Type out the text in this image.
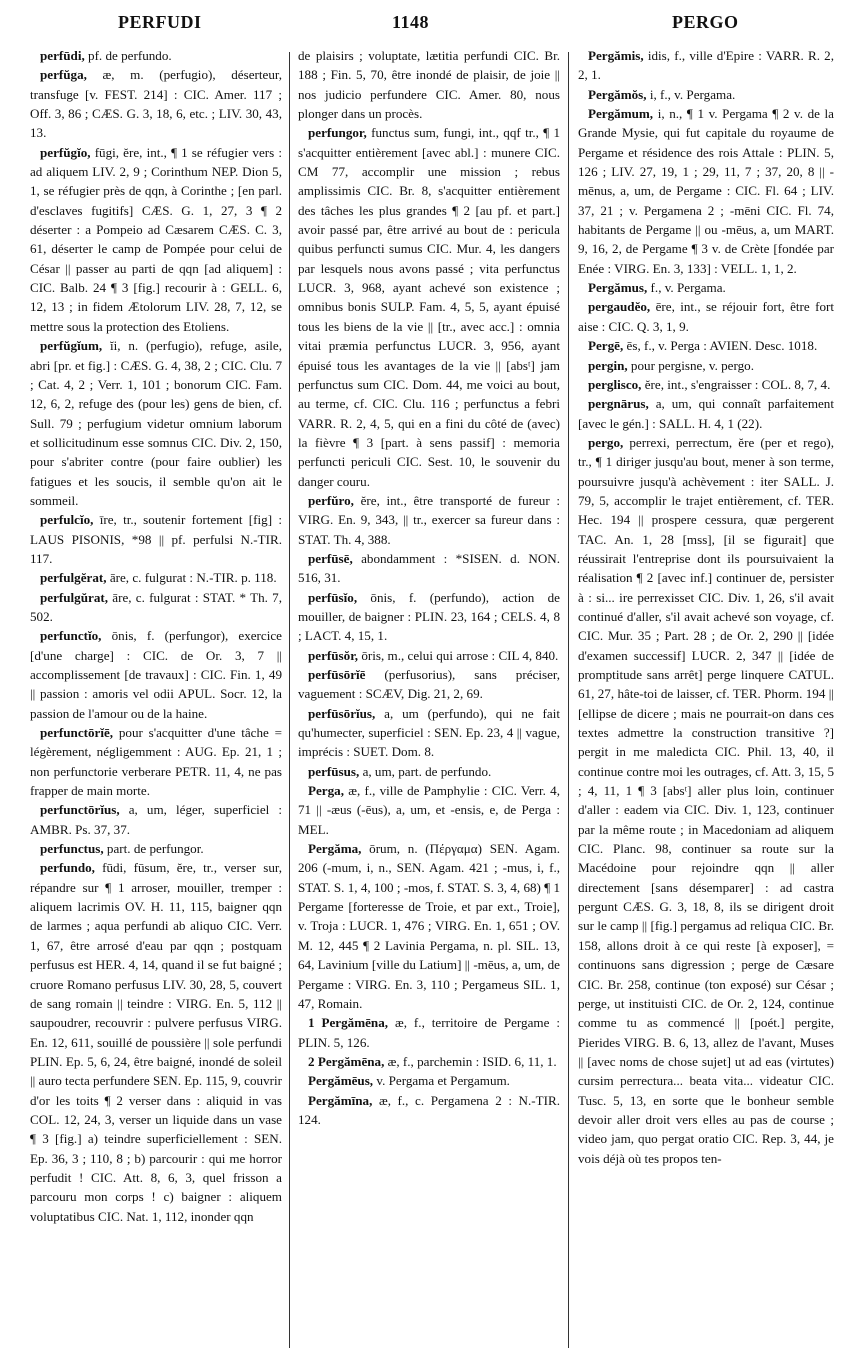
PERFUDI	1148	PERGO

perfūdi, pf. de perfundo.

perfŭga, æ, m. (perfugio), déserteur, transfuge [v. FEST. 214] : CIC. Amer. 117 ; Off. 3, 86 ; CÆS. G. 3, 18, 6, etc. ; LIV. 30, 43, 13.

perfŭgĭo, fūgi, ĕre, int., ¶ 1 se réfugier vers : ad aliquem LIV. 2, 9 ; Corinthum NEP. Dion 5, 1, se réfugier près de qqn, à Corinthe ; [en parl. d'esclaves fugitifs] CÆS. G. 1, 27, 3 ¶ 2 déserter : a Pompeio ad Cæsarem CÆS. C. 3, 61, déserter le camp de Pompée pour celui de César || passer au parti de qqn [ad aliquem] : CIC. Balb. 24 ¶ 3 [fig.] recourir à : GELL. 6, 12, 13 ; in fidem Ætolorum LIV. 28, 7, 12, se mettre sous la protection des Etoliens.

perfŭgĭum, ĭi, n. (perfugio), refuge, asile, abri [pr. et fig.] : CÆS. G. 4, 38, 2 ; CIC. Clu. 7 ; Cat. 4, 2 ; Verr. 1, 101 ; bonorum CIC. Fam. 12, 6, 2, refuge des (pour les) gens de bien, cf. Sull. 79 ; perfugium videtur omnium laborum et sollicitudinum esse somnus CIC. Div. 2, 150, pour s'abriter contre (pour faire oublier) les fatigues et les soucis, il semble qu'on ait le sommeil.

perfulcĭo, īre, tr., soutenir fortement [fig] : LAUS PISONIS, *98 || pf. perfulsi N.-TIR. 117.

perfulgĕrat, āre, c. fulgurat : N.-TIR. p. 118.

perfulgŭrat, āre, c. fulgurat : STAT. * Th. 7, 502.

perfunctĭo, ōnis, f. (perfungor), exercice [d'une charge] : CIC. de Or. 3, 7 || accomplissement [de travaux] : CIC. Fin. 1, 49 || passion : amoris vel odii APUL. Socr. 12, la passion de l'amour ou de la haine.

perfunctōrĭē, pour s'acquitter d'une tâche = légèrement, négligemment : AUG. Ep. 21, 1 ; non perfunctorie verberare PETR. 11, 4, ne pas frapper de main morte.

perfunctōrĭus, a, um, léger, superficiel : AMBR. Ps. 37, 37.

perfunctus, part. de perfungor.

perfundo, fūdi, fūsum, ĕre, tr., verser sur, répandre sur ¶ 1 arroser, mouiller, tremper : aliquem lacrimis OV. H. 11, 115, baigner qqn de larmes ; aqua perfundi ab aliquo CIC. Verr. 1, 67, être arrosé d'eau par qqn ; postquam perfusus est HER. 4, 14, quand il se fut baigné ; cruore Romano perfusus LIV. 30, 28, 5, couvert de sang romain || teindre : VIRG. En. 5, 112 || saupoudrer, recouvrir : pulvere perfusus VIRG. En. 12, 611, souillé de poussière || sole perfundi PLIN. Ep. 5, 6, 24, être baigné, inondé de soleil || auro tecta perfundere SEN. Ep. 115, 9, couvrir d'or les toits ¶ 2 verser dans : aliquid in vas COL. 12, 24, 3, verser un liquide dans un vase ¶ 3 [fig.] a) teindre superficiellement : SEN. Ep. 36, 3 ; 110, 8 ; b) parcourir : qui me horror perfudit ! CIC. Att. 8, 6, 3, quel frisson a parcouru mon corps ! c) baigner : aliquem voluptatibus CIC. Nat. 1, 112, inonder qqn

de plaisirs ; voluptate, lætitia perfundi CIC. Br. 188 ; Fin. 5, 70, être inondé de plaisir, de joie || nos judicio perfundere CIC. Amer. 80, nous plonger dans un procès.

perfungor, functus sum, fungi, int., qqf tr., ¶ 1 s'acquitter entièrement [avec abl.] : munere CIC. CM 77, accomplir une mission ; rebus amplissimis CIC. Br. 8, s'acquitter entièrement des tâches les plus grandes ¶ 2 [au pf. et part.] avoir passé par, être arrivé au bout de : pericula quibus perfuncti sumus CIC. Mur. 4, les dangers par lesquels nous avons passé ; vita perfunctus LUCR. 3, 968, ayant achevé son existence ; omnibus bonis SULP. Fam. 4, 5, 5, ayant épuisé tous les biens de la vie || [tr., avec acc.] : omnia vitai præmia perfunctus LUCR. 3, 956, ayant épuisé tous les avantages de la vie || [absᵗ] jam perfunctus sum CIC. Dom. 44, me voici au bout, au terme, cf. CIC. Clu. 116 ; perfunctus a febri VARR. R. 2, 4, 5, qui en a fini du côté de (avec) la fièvre ¶ 3 [part. à sens passif] : memoria perfuncti periculi CIC. Sest. 10, le souvenir du danger couru.

perfŭro, ĕre, int., être transporté de fureur : VIRG. En. 9, 343, || tr., exercer sa fureur dans : STAT. Th. 4, 388.

perfūsē, abondamment : *SISEN. d. NON. 516, 31.

perfūsĭo, ōnis, f. (perfundo), action de mouiller, de baigner : PLIN. 23, 164 ; CELS. 4, 8 ; LACT. 4, 15, 1.

perfūsŏr, ōris, m., celui qui arrose : CIL 4, 840.

perfūsōrĭē (perfusorius), sans préciser, vaguement : SCÆV, Dig. 21, 2, 69.

perfūsōrĭus, a, um (perfundo), qui ne fait qu'humecter, superficiel : SEN. Ep. 23, 4 || vague, imprécis : SUET. Dom. 8.

perfūsus, a, um, part. de perfundo.

Perga, æ, f., ville de Pamphylie : CIC. Verr. 4, 71 || -æus (-ēus), a, um, et -ensis, e, de Perga : MEL.

Pergăma, ōrum, n. (Πέργαμα) SEN. Agam. 206 (-mum, i, n., SEN. Agam. 421 ; -mus, i, f., STAT. S. 1, 4, 100 ; -mos, f. STAT. S. 3, 4, 68) ¶ 1 Pergame [forteresse de Troie, et par ext., Troie], v. Troja : LUCR. 1, 476 ; VIRG. En. 1, 651 ; OV. M. 12, 445 ¶ 2 Lavinia Pergama, n. pl. SIL. 13, 64, Lavinium [ville du Latium] || -mēus, a, um, de Pergame : VIRG. En. 3, 110 ; Pergameus SIL. 1, 47, Romain.

1 Pergămēna, æ, f., territoire de Pergame : PLIN. 5, 126.

2 Pergămēna, æ, f., parchemin : ISID. 6, 11, 1.

Pergămēus, v. Pergama et Pergamum.

Pergămīna, æ, f., c. Pergamena 2 : N.-TIR. 124.

Pergămis, idis, f., ville d'Epire : VARR. R. 2, 2, 1.

Pergămŏs, i, f., v. Pergama.

Pergămum, i, n., ¶ 1 v. Pergama ¶ 2 v. de la Grande Mysie, qui fut capitale du royaume de Pergame et résidence des rois Attale : PLIN. 5, 126 ; LIV. 27, 19, 1 ; 29, 11, 7 ; 37, 20, 8 || -mēnus, a, um, de Pergame : CIC. Fl. 64 ; LIV. 37, 21 ; v. Pergamena 2 ; -mēni CIC. Fl. 74, habitants de Pergame || ou -mēus, a, um MART. 9, 16, 2, de Pergame ¶ 3 v. de Crète [fondée par Enée : VIRG. En. 3, 133] : VELL. 1, 1, 2.

Pergămus, f., v. Pergama.

pergaudĕo, ēre, int., se réjouir fort, être fort aise : CIC. Q. 3, 1, 9.

Pergē, ēs, f., v. Perga : AVIEN. Desc. 1018.

pergin, pour pergisne, v. pergo.

perglisco, ĕre, int., s'engraisser : COL. 8, 7, 4.

pergnārus, a, um, qui connaît parfaitement [avec le gén.] : SALL. H. 4, 1 (22).

pergo, perrexi, perrectum, ĕre (per et rego), tr., ¶ 1 diriger jusqu'au bout, mener à son terme, poursuivre jusqu'à achèvement : iter SALL. J. 79, 5, accomplir le trajet entièrement, cf. TER. Hec. 194 || prospere cessura, quæ pergerent TAC. An. 1, 28 [mss], [il se figurait] que réussirait l'entreprise dont ils poursuivaient la réalisation ¶ 2 [avec inf.] continuer de, persister à : si... ire perrexisset CIC. Div. 1, 26, s'il avait continué d'aller, s'il avait achevé son voyage, cf. CIC. Mur. 35 ; Part. 28 ; de Or. 2, 290 || [idée d'examen successif] LUCR. 2, 347 || [idée de promptitude sans arrêt] perge linquere CATUL. 61, 27, hâte-toi de laisser, cf. TER. Phorm. 194 || [ellipse de dicere ; mais ne pourrait-on dans ces textes admettre la construction transitive ?] pergit in me maledicta CIC. Phil. 13, 40, il continue contre moi les outrages, cf. Att. 3, 15, 5 ; 4, 11, 1 ¶ 3 [absᵗ] aller plus loin, continuer d'aller : eadem via CIC. Div. 1, 123, continuer par la même route ; in Macedoniam ad aliquem CIC. Planc. 98, continuer sa route sur la Macédoine pour rejoindre qqn || aller directement [sans désemparer] : ad castra pergunt CÆS. G. 3, 18, 8, ils se dirigent droit sur le camp || [fig.] pergamus ad reliqua CIC. Br. 158, allons droit à ce qui reste [à exposer], = continuons sans digression ; perge de Cæsare CIC. Br. 258, continue (ton exposé) sur César ; perge, ut instituisti CIC. de Or. 2, 124, continue comme tu as commencé || [poét.] pergite, Pierides VIRG. B. 6, 13, allez de l'avant, Muses || [avec noms de chose sujet] ut ad eas (virtutes) cursim perrectura... beata vita... videatur CIC. Tusc. 5, 13, en sorte que le bonheur semble devoir aller droit vers elles au pas de course ; video jam, quo pergat oratio CIC. Rep. 3, 44, je vois déjà où tes propos ten-
